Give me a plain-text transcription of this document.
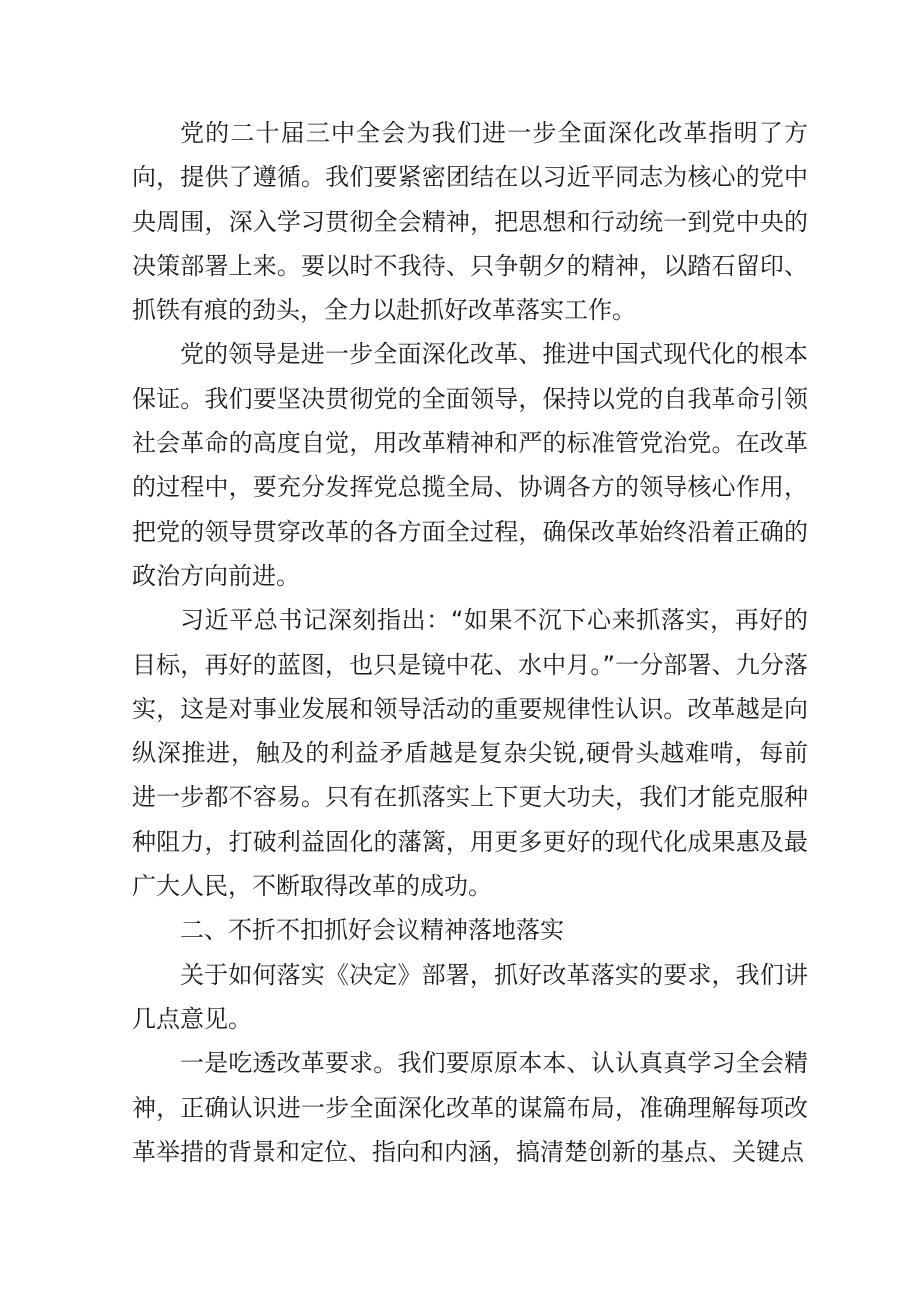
党的二十届三中全会为我们进一步全面深化改革指明了方向，提供了遵循。我们要紧密团结在以习近平同志为核心的党中央周围，深入学习贯彻全会精神，把思想和行动统一到党中央的决策部署上来。要以时不我待、只争朝夕的精神，以踏石留印、抓铁有痕的劲头，全力以赴抓好改革落实工作。

党的领导是进一步全面深化改革、推进中国式现代化的根本保证。我们要坚决贯彻党的全面领导，保持以党的自我革命引领社会革命的高度自觉，用改革精神和严的标准管党治党。在改革的过程中，要充分发挥党总揽全局、协调各方的领导核心作用，把党的领导贯穿改革的各方面全过程，确保改革始终沿着正确的政治方向前进。

习近平总书记深刻指出：“如果不沉下心来抓落实，再好的目标，再好的蓝图，也只是镜中花、水中月。”一分部署、九分落实，这是对事业发展和领导活动的重要规律性认识。改革越是向纵深推进，触及的利益矛盾越是复杂尖锐,硬骨头越难啃，每前进一步都不容易。只有在抓落实上下更大功夫，我们才能克服种种阻力，打破利益固化的藩篱，用更多更好的现代化成果惠及最广大人民，不断取得改革的成功。

二、不折不扣抓好会议精神落地落实

关于如何落实《决定》部署，抓好改革落实的要求，我们讲几点意见。

一是吃透改革要求。我们要原原本本、认认真真学习全会精神，正确认识进一步全面深化改革的谋篇布局，准确理解每项改革举措的背景和定位、指向和内涵，搞清楚创新的基点、关键点
